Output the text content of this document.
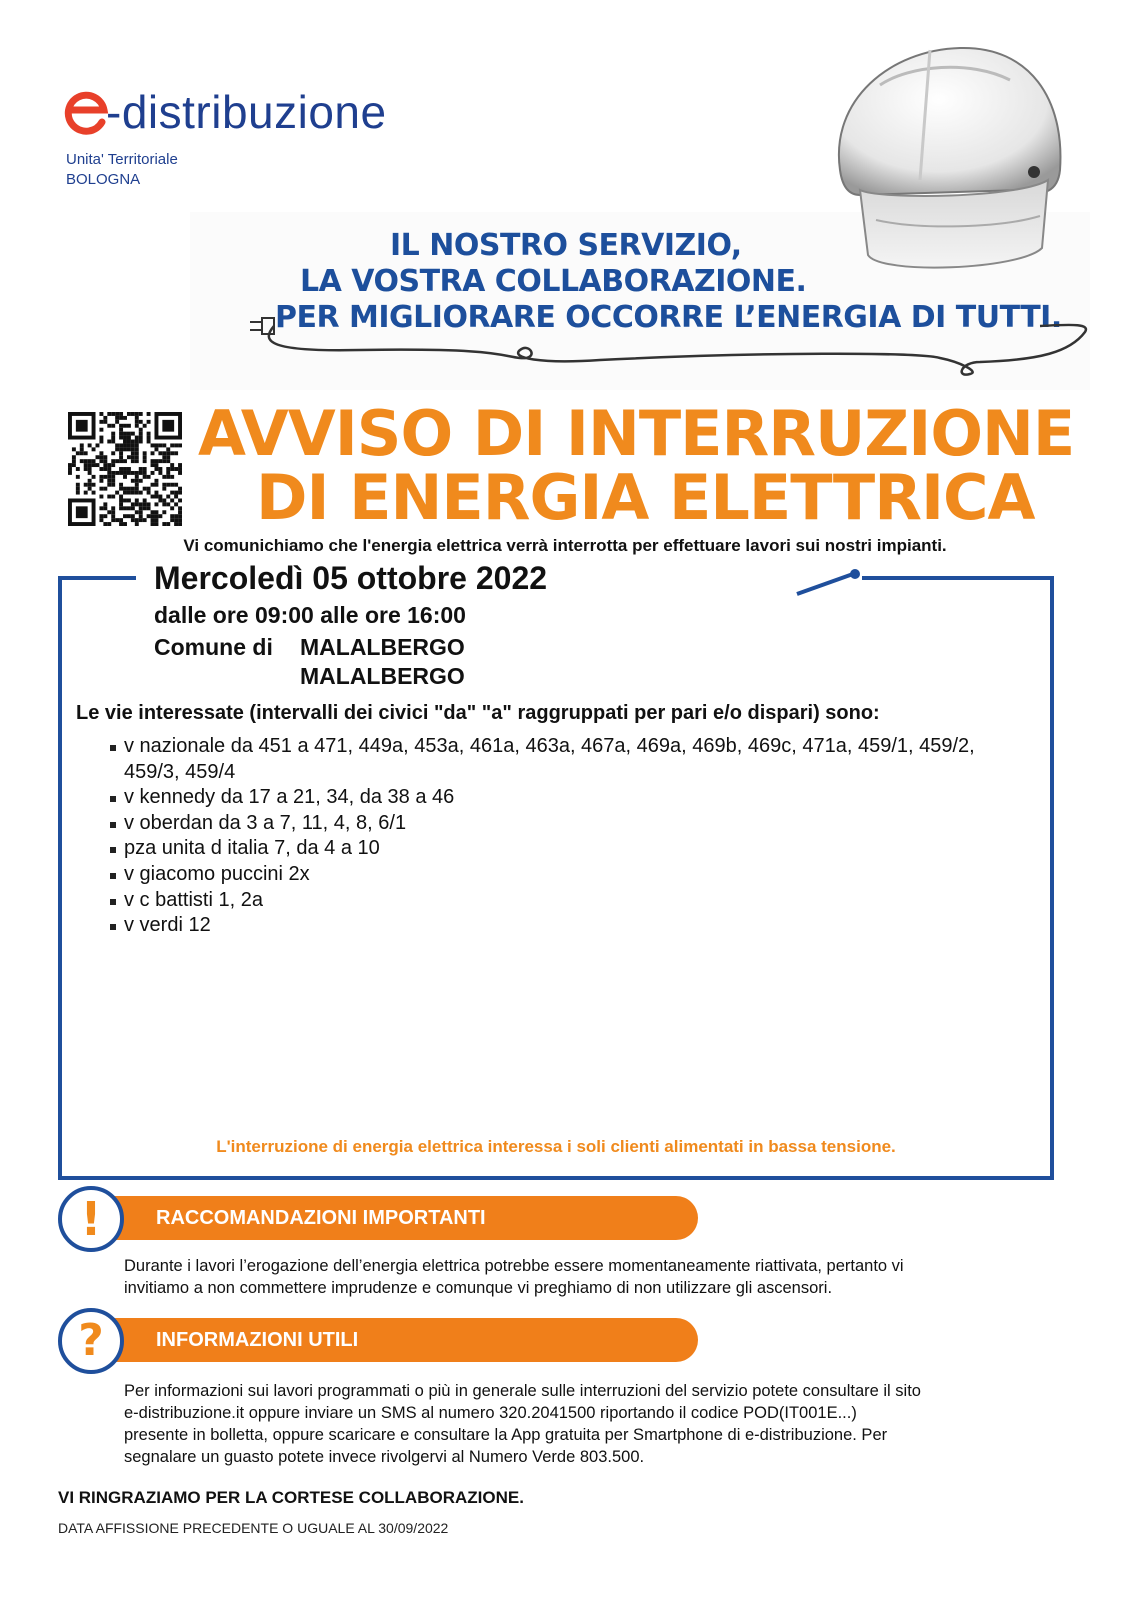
-distribuzione
Unita' Territoriale
BOLOGNA
IL NOSTRO SERVIZIO,
LA VOSTRA COLLABORAZIONE.
PER MIGLIORARE OCCORRE L’ENERGIA DI TUTTI.
AVVISO DI INTERRUZIONE
DI ENERGIA ELETTRICA
Vi comunichiamo che l'energia elettrica verrà interrotta per effettuare lavori sui nostri impianti.
Mercoledì 05 ottobre 2022
dalle ore 09:00 alle ore 16:00
Comune di MALALBERGO
MALALBERGO
Le vie interessate (intervalli dei civici "da" "a" raggruppati per pari e/o dispari) sono:
v nazionale da 451 a 471, 449a, 453a, 461a, 463a, 467a, 469a, 469b, 469c, 471a, 459/1, 459/2, 459/3, 459/4
v kennedy da 17 a 21, 34, da 38 a 46
v oberdan da 3 a 7, 11, 4, 8, 6/1
pza unita d italia 7, da 4 a 10
v giacomo puccini 2x
v c battisti 1, 2a
v verdi 12
L'interruzione di energia elettrica interessa i soli clienti alimentati in bassa tensione.
RACCOMANDAZIONI IMPORTANTI
!
Durante i lavori l’erogazione dell’energia elettrica potrebbe essere momentaneamente riattivata, pertanto vi
invitiamo a non commettere imprudenze e comunque vi preghiamo di non utilizzare gli ascensori.
INFORMAZIONI UTILI
?
Per informazioni sui lavori programmati o più in generale sulle interruzioni del servizio potete consultare il sito
e-distribuzione.it oppure inviare un SMS al numero 320.2041500 riportando il codice POD(IT001E...)
presente in bolletta, oppure scaricare e consultare la App gratuita per Smartphone di e-distribuzione. Per
segnalare un guasto potete invece rivolgervi al Numero Verde 803.500.
VI RINGRAZIAMO PER LA CORTESE COLLABORAZIONE.
DATA AFFISSIONE PRECEDENTE O UGUALE AL 30/09/2022
